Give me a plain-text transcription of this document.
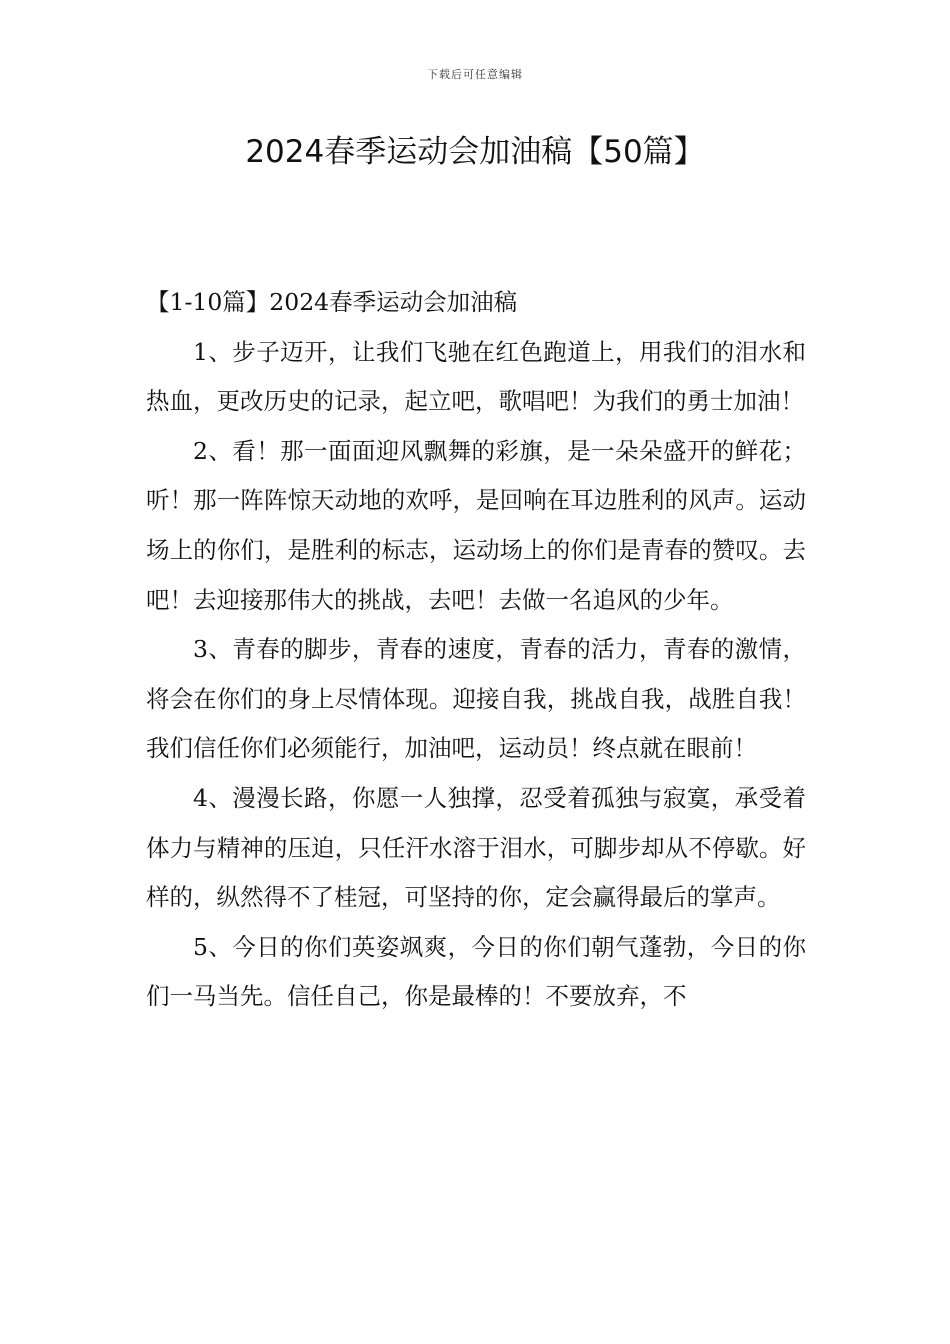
下载后可任意编辑
2024春季运动会加油稿【50篇】

【1-10篇】2024春季运动会加油稿

1、步子迈开，让我们飞驰在红色跑道上，用我们的泪水和热血，更改历史的记录，起立吧，歌唱吧！为我们的勇士加油！

2、看！那一面面迎风飘舞的彩旗，是一朵朵盛开的鲜花；听！那一阵阵惊天动地的欢呼，是回响在耳边胜利的风声。运动场上的你们，是胜利的标志，运动场上的你们是青春的赞叹。去吧！去迎接那伟大的挑战，去吧！去做一名追风的少年。

3、青春的脚步，青春的速度，青春的活力，青春的激情，将会在你们的身上尽情体现。迎接自我，挑战自我，战胜自我！我们信任你们必须能行，加油吧，运动员！终点就在眼前！

4、漫漫长路，你愿一人独撑，忍受着孤独与寂寞，承受着体力与精神的压迫，只任汗水溶于泪水，可脚步却从不停歇。好样的，纵然得不了桂冠，可坚持的你，定会赢得最后的掌声。

5、今日的你们英姿飒爽，今日的你们朝气蓬勃，今日的你们一马当先。信任自己，你是最棒的！不要放弃，不
